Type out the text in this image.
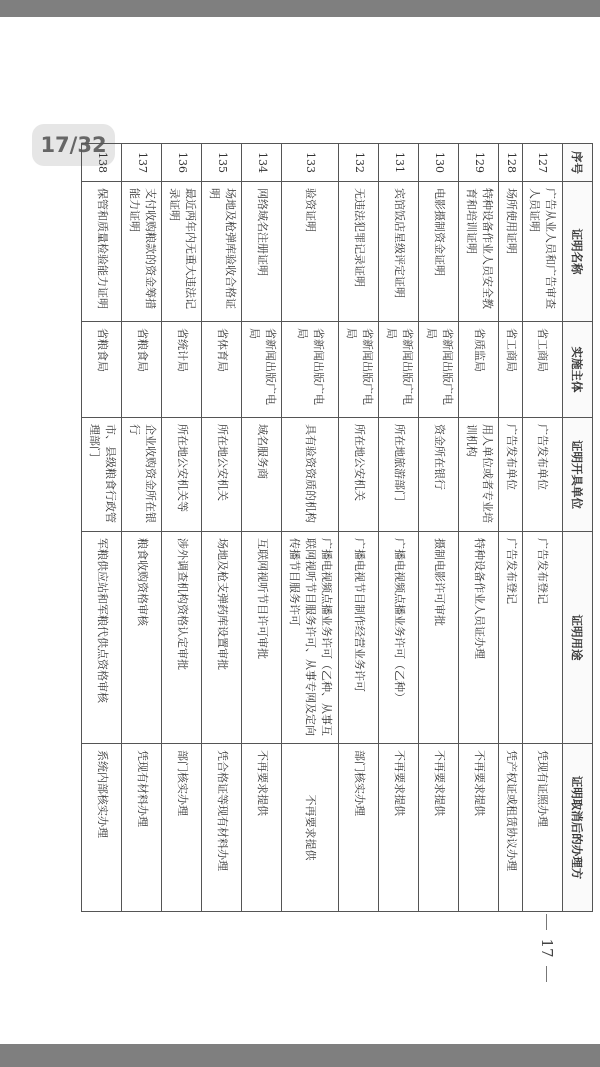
17/32
序号	证明名称	实施主体	证明开具单位	证明用途	证明取消后的办理方
127	广告从业人员和广告审查人员证明	省工商局	广告发布单位	广告发布登记	凭现有证照办理
128	场所使用证明	省工商局	广告发布单位	广告发布登记	凭产权证或租赁协议办理
129	特种设备作业人员安全教育和培训证明	省质监局	用人单位或者专业培训机构	特种设备作业人员证办理	不再要求提供
130	电影摄制资金证明	省新闻出版广电局	资金所在银行	摄制电影许可审批	不再要求提供
131	宾馆饭店星级评定证明	省新闻出版广电局	所在地旅游部门	广播电视频点播业务许可（乙种）	不再要求提供
132	无违法犯罪记录证明	省新闻出版广电局	所在地公安机关	广播电视节目制作经营业务许可	部门核实办理
133	验资证明	省新闻出版广电局	具有验资资质的机构	广播电视频点播业务许可（乙种、从事互联网视听节目服务许可、从事专网及定向传播节目服务许可	不再要求提供
134	网络域名注册证明	省新闻出版广电局	域名服务商	互联网视听节目许可审批	不再要求提供
135	场地及枪弹库验收合格证明	省体育局	所在地公安机关	场地及枪支弹药库设置审批	凭合格证等现有材料办理
136	最近两年内无重大违法记录证明	省统计局	所在地公安机关等	涉外调查机构资格认定审批	部门核实办理
137	支付收购粮款的资金筹措能力证明	省粮食局	企业收购资金所在银行	粮食收购资格审核	凭现有材料办理
138	保管和质量检验能力证明	省粮食局	市、县级粮食行政管理部门	军粮供应站和军粮代供点资格审核	系统内部核实办理
17
